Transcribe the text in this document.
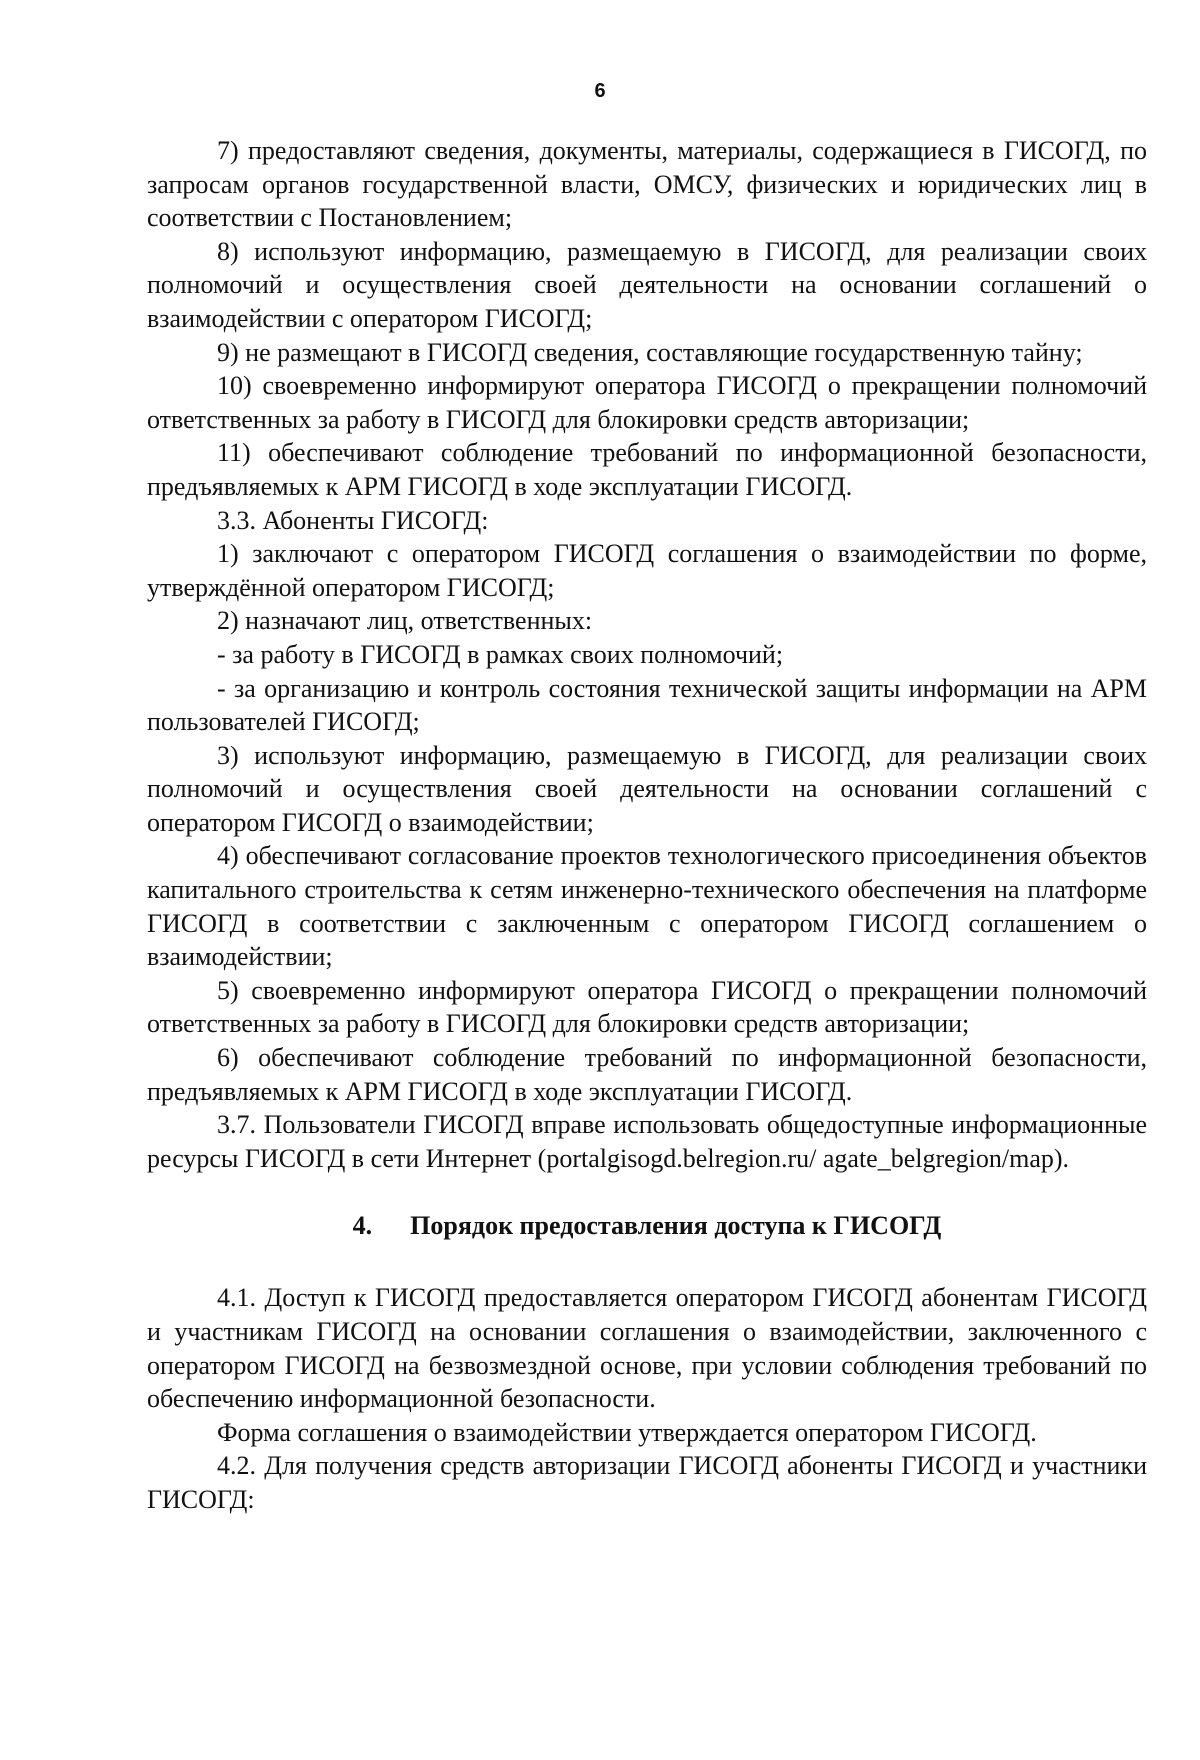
6

7) предоставляют сведения, документы, материалы, содержащиеся в ГИСОГД, по запросам органов государственной власти, ОМСУ, физических и юридических лиц в соответствии с Постановлением;

8) используют информацию, размещаемую в ГИСОГД, для реализации своих полномочий и осуществления своей деятельности на основании соглашений о взаимодействии с оператором ГИСОГД;

9) не размещают в ГИСОГД сведения, составляющие государственную тайну;

10) своевременно информируют оператора ГИСОГД о прекращении полномочий ответственных за работу в ГИСОГД для блокировки средств авторизации;

11) обеспечивают соблюдение требований по информационной безопасности, предъявляемых к АРМ ГИСОГД в ходе эксплуатации ГИСОГД.

3.3. Абоненты ГИСОГД:

1) заключают с оператором ГИСОГД соглашения о взаимодействии по форме, утверждённой оператором ГИСОГД;

2) назначают лиц, ответственных:

- за работу в ГИСОГД в рамках своих полномочий;

- за организацию и контроль состояния технической защиты информации на АРМ пользователей ГИСОГД;

3) используют информацию, размещаемую в ГИСОГД, для реализации своих полномочий и осуществления своей деятельности на основании соглашений с оператором ГИСОГД о взаимодействии;

4) обеспечивают согласование проектов технологического присоединения объектов капитального строительства к сетям инженерно-технического обеспечения на платформе ГИСОГД в соответствии с заключенным с оператором ГИСОГД соглашением о взаимодействии;

5) своевременно информируют оператора ГИСОГД о прекращении полномочий ответственных за работу в ГИСОГД для блокировки средств авторизации;

6) обеспечивают соблюдение требований по информационной безопасности, предъявляемых к АРМ ГИСОГД в ходе эксплуатации ГИСОГД.

3.7. Пользователи ГИСОГД вправе использовать общедоступные информационные ресурсы ГИСОГД в сети Интернет (portalgisogd.belregion.ru/ agate_belgregion/map).

4. Порядок предоставления доступа к ГИСОГД

4.1. Доступ к ГИСОГД предоставляется оператором ГИСОГД абонентам ГИСОГД и участникам ГИСОГД на основании соглашения о взаимодействии, заключенного с оператором ГИСОГД на безвозмездной основе, при условии соблюдения требований по обеспечению информационной безопасности.

Форма соглашения о взаимодействии утверждается оператором ГИСОГД.

4.2. Для получения средств авторизации ГИСОГД абоненты ГИСОГД и участники ГИСОГД:
